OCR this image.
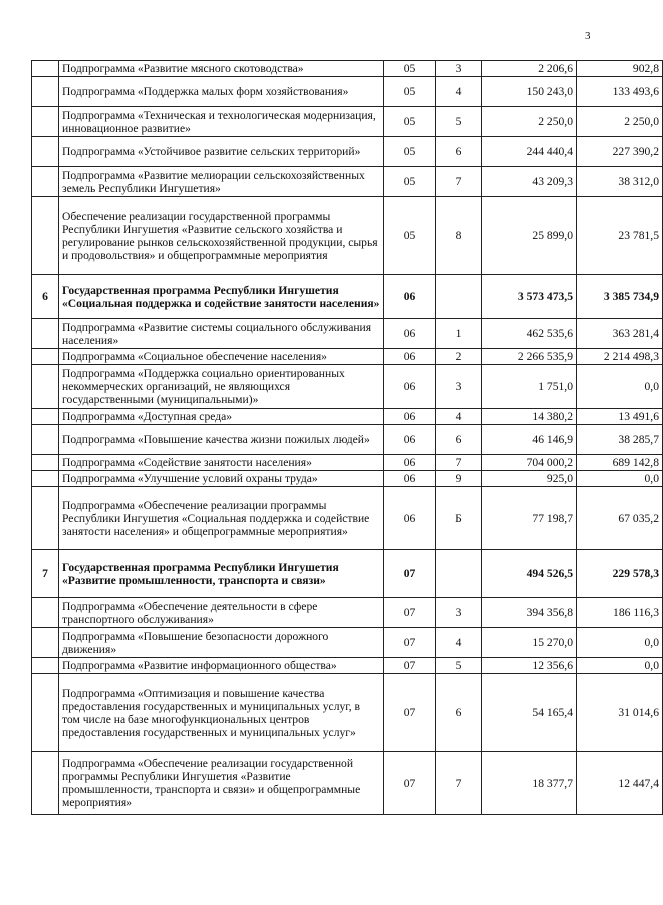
3
	Подпрограмма «Развитие мясного скотоводства»	05	3	2 206,6	902,8
	Подпрограмма «Поддержка малых форм хозяйствования»	05	4	150 243,0	133 493,6
	Подпрограмма «Техническая и технологическая модернизация, инновационное развитие»	05	5	2 250,0	2 250,0
	Подпрограмма «Устойчивое развитие сельских территорий»	05	6	244 440,4	227 390,2
	Подпрограмма «Развитие мелиорации сельскохозяйственных земель Республики Ингушетия»	05	7	43 209,3	38 312,0
	Обеспечение реализации государственной программы Республики Ингушетия «Развитие сельского хозяйства и регулирование рынков сельскохозяйственной продукции, сырья и продовольствия» и общепрограммные мероприятия	05	8	25 899,0	23 781,5
6	Государственная программа Республики Ингушетия «Социальная поддержка и содействие занятости населения»	06		3 573 473,5	3 385 734,9
	Подпрограмма «Развитие системы социального обслуживания населения»	06	1	462 535,6	363 281,4
	Подпрограмма «Социальное обеспечение населения»	06	2	2 266 535,9	2 214 498,3
	Подпрограмма «Поддержка социально ориентированных некоммерческих организаций, не являющихся государственными (муниципальными)»	06	3	1 751,0	0,0
	Подпрограмма «Доступная среда»	06	4	14 380,2	13 491,6
	Подпрограмма «Повышение качества жизни пожилых людей»	06	6	46 146,9	38 285,7
	Подпрограмма «Содействие занятости населения»	06	7	704 000,2	689 142,8
	Подпрограмма «Улучшение условий охраны труда»	06	9	925,0	0,0
	Подпрограмма «Обеспечение реализации программы Республики Ингушетия «Социальная поддержка и содействие занятости населения» и общепрограммные мероприятия»	06	Б	77 198,7	67 035,2
7	Государственная программа Республики Ингушетия «Развитие промышленности, транспорта и связи»	07		494 526,5	229 578,3
	Подпрограмма «Обеспечение деятельности в сфере транспортного обслуживания»	07	3	394 356,8	186 116,3
	Подпрограмма «Повышение безопасности дорожного движения»	07	4	15 270,0	0,0
	Подпрограмма «Развитие информационного общества»	07	5	12 356,6	0,0
	Подпрограмма «Оптимизация и повышение качества предоставления государственных и муниципальных услуг, в том числе на базе многофункциональных центров предоставления государственных и муниципальных услуг»	07	6	54 165,4	31 014,6
	Подпрограмма «Обеспечение реализации государственной программы Республики Ингушетия «Развитие промышленности, транспорта и связи» и общепрограммные мероприятия»	07	7	18 377,7	12 447,4
